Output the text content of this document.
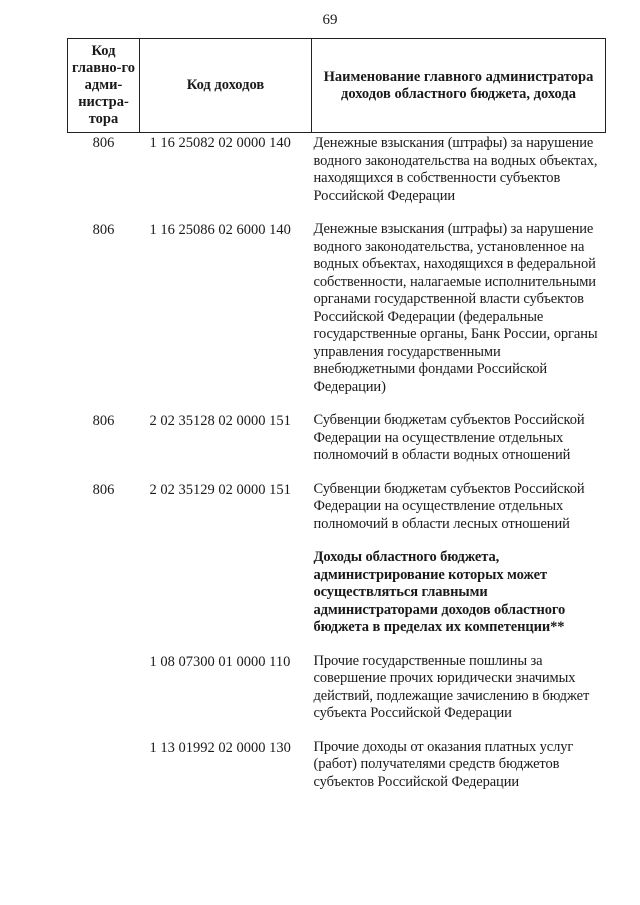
69
Код главно-го адми-нистра-тора	Код доходов	Наименование главного администратора доходов областного бюджета, дохода
806	1 16 25082 02 0000 140	Денежные взыскания (штрафы) за нарушение водного законодательства на водных объектах, находящихся в собственности субъектов Российской Федерации
806	1 16 25086 02 6000 140	Денежные взыскания (штрафы) за нарушение водного законодательства, установленное на водных объектах, находящихся в федеральной собственности, налагаемые исполнительными органами государственной власти субъектов Российской Федерации (федеральные государственные органы, Банк России, органы управления государственными внебюджетными фондами Российской Федерации)
806	2 02 35128 02 0000 151	Субвенции бюджетам субъектов Российской Федерации на осуществление отдельных полномочий в области водных отношений
806	2 02 35129 02 0000 151	Субвенции бюджетам субъектов Российской Федерации на осуществление отдельных полномочий в области лесных отношений
		Доходы областного бюджета, администрирование которых может осуществляться главными администраторами доходов областного бюджета в пределах их компетенции**
	1 08 07300 01 0000 110	Прочие государственные пошлины за совершение прочих юридически значимых действий, подлежащие зачислению в бюджет субъекта Российской Федерации
	1 13 01992 02 0000 130	Прочие доходы от оказания платных услуг (работ) получателями средств бюджетов субъектов Российской Федерации
